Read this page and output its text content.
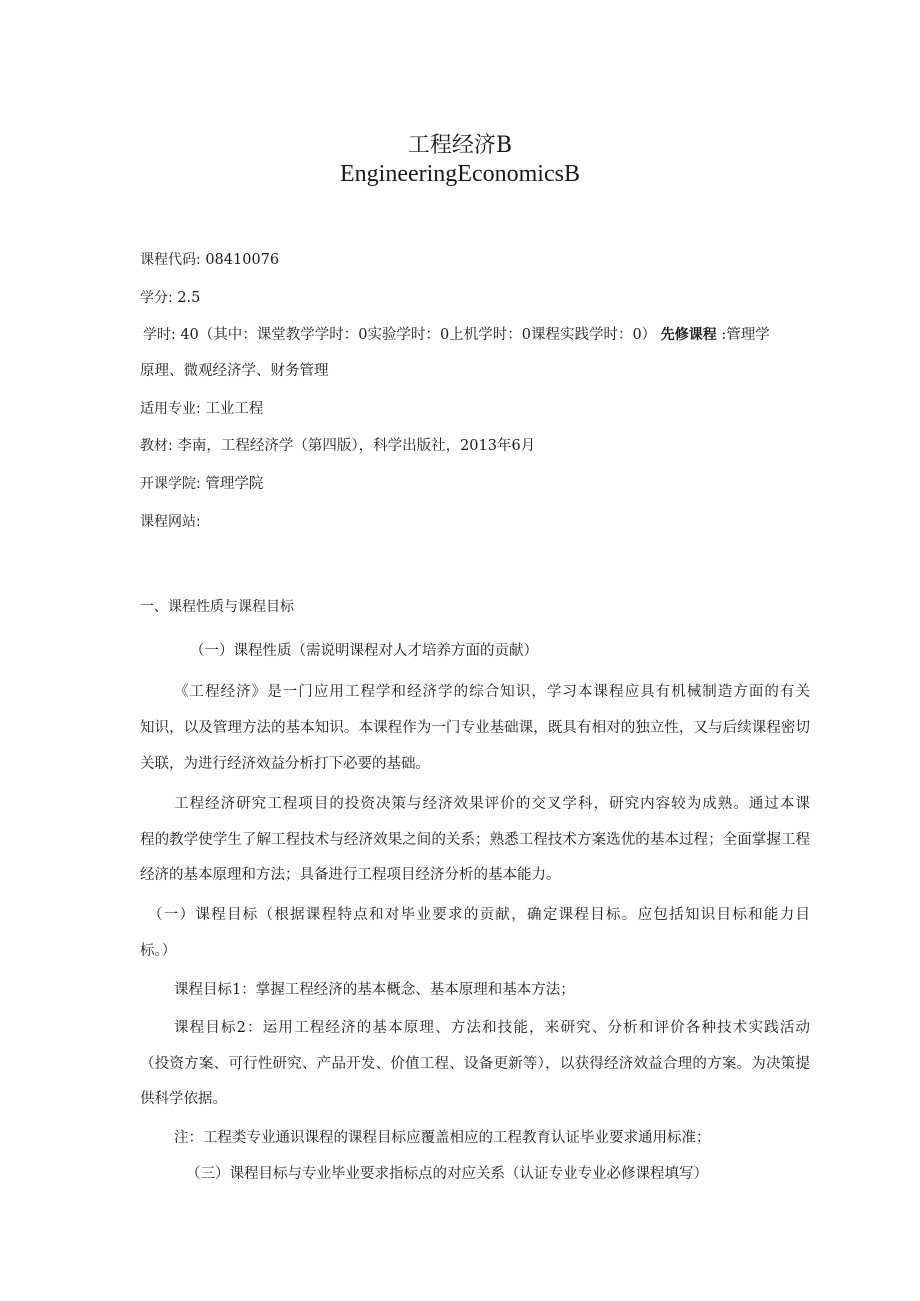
工程经济B
EngineeringEconomicsB
课程代码: 08410076
学分: 2.5
学时: 40（其中：课堂教学学时：0实验学时：0上机学时：0课程实践学时：0） 先修课程 :管理学
原理、微观经济学、财务管理
适用专业: 工业工程
教材: 李南，工程经济学（第四版），科学出版社，2013年6月
开课学院: 管理学院
课程网站:
一、课程性质与课程目标
（一）课程性质（需说明课程对人才培养方面的贡献）
《工程经济》是一门应用工程学和经济学的综合知识，学习本课程应具有机械制造方面的有关
知识，以及管理方法的基本知识。本课程作为一门专业基础课，既具有相对的独立性，又与后续课程密切
关联，为进行经济效益分析打下必要的基础。
工程经济研究工程项目的投资决策与经济效果评价的交叉学科，研究内容较为成熟。通过本课
程的教学使学生了解工程技术与经济效果之间的关系；熟悉工程技术方案选优的基本过程；全面掌握工程
经济的基本原理和方法；具备进行工程项目经济分析的基本能力。
（一）课程目标（根据课程特点和对毕业要求的贡献，确定课程目标。应包括知识目标和能力目
标。）
课程目标1：掌握工程经济的基本概念、基本原理和基本方法；
课程目标2：运用工程经济的基本原理、方法和技能，来研究、分析和评价各种技术实践活动
（投资方案、可行性研究、产品开发、价值工程、设备更新等），以获得经济效益合理的方案。为决策提
供科学依据。
注：工程类专业通识课程的课程目标应覆盖相应的工程教育认证毕业要求通用标准；
（三）课程目标与专业毕业要求指标点的对应关系（认证专业专业必修课程填写）
